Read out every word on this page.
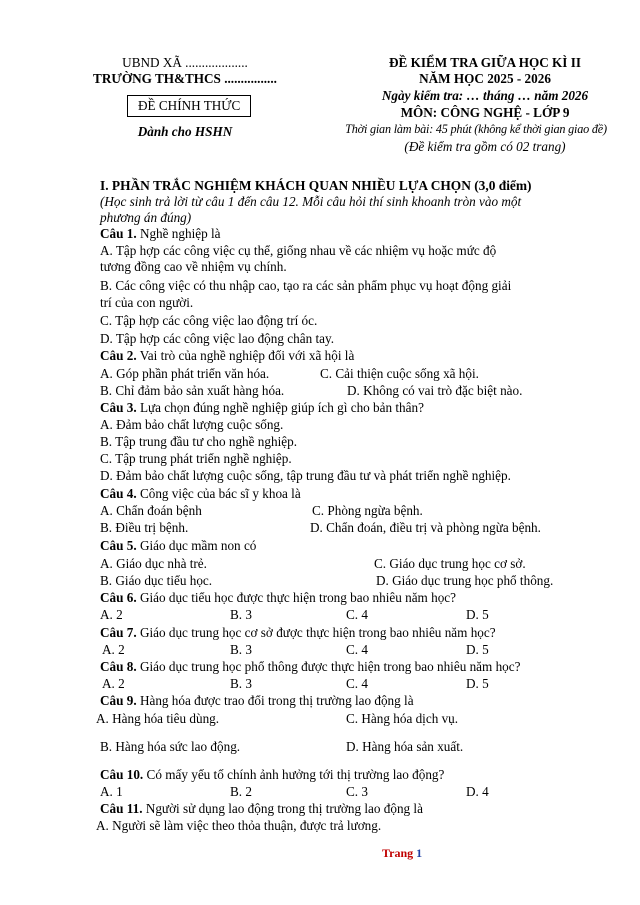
UBND XÃ ...................
TRƯỜNG TH&THCS ................
ĐỀ CHÍNH THỨC
Dành cho HSHN
ĐỀ KIỂM TRA GIỮA HỌC KÌ II
NĂM HỌC 2025 - 2026
Ngày kiểm tra: … tháng … năm 2026
MÔN: CÔNG NGHỆ - LỚP 9
Thời gian làm bài: 45 phút (không kể thời gian giao đề)
(Đề kiểm tra gồm có 02 trang)
I. PHẦN TRẮC NGHIỆM KHÁCH QUAN NHIỀU LỰA CHỌN (3,0 điểm)
(Học sinh trả lời từ câu 1 đến câu 12. Mỗi câu hỏi thí sinh khoanh tròn vào một
phương án đúng)
Câu 1. Nghề nghiệp là
A. Tập hợp các công việc cụ thể, giống nhau về các nhiệm vụ hoặc mức độ
tương đồng cao về nhiệm vụ chính.
B. Các công việc có thu nhập cao, tạo ra các sản phẩm phục vụ hoạt động giải
trí của con người.
C. Tập hợp các công việc lao động trí óc.
D. Tập hợp các công việc lao động chân tay.
Câu 2. Vai trò của nghề nghiệp đối với xã hội là
A. Góp phần phát triển văn hóa.	C. Cải thiện cuộc sống xã hội.
B. Chỉ đảm bảo sản xuất hàng hóa.	D. Không có vai trò đặc biệt nào.
Câu 3. Lựa chọn đúng nghề nghiệp giúp ích gì cho bản thân?
A. Đảm bảo chất lượng cuộc sống.
B. Tập trung đầu tư cho nghề nghiệp.
C. Tập trung phát triển nghề nghiệp.
D. Đảm bảo chất lượng cuộc sống, tập trung đầu tư và phát triển nghề nghiệp.
Câu 4. Công việc của bác sĩ y khoa là
A. Chẩn đoán bệnh	C. Phòng ngừa bệnh.
B. Điều trị bệnh.	D. Chẩn đoán, điều trị và phòng ngừa bệnh.
Câu 5. Giáo dục mầm non có
A. Giáo dục nhà trẻ.	C. Giáo dục trung học cơ sở.
B. Giáo dục tiểu học.	D. Giáo dục trung học phổ thông.
Câu 6. Giáo dục tiểu học được thực hiện trong bao nhiêu năm học?
A. 2	B. 3	C. 4	D. 5
Câu 7. Giáo dục trung học cơ sở được thực hiện trong bao nhiêu năm học?
A. 2	B. 3	C. 4	D. 5
Câu 8. Giáo dục trung học phổ thông được thực hiện trong bao nhiêu năm học?
A. 2	B. 3	C. 4	D. 5
Câu 9. Hàng hóa được trao đổi trong thị trường lao động là
A. Hàng hóa tiêu dùng.	C. Hàng hóa dịch vụ.
B. Hàng hóa sức lao động.	D. Hàng hóa sản xuất.
Câu 10. Có mấy yếu tố chính ảnh hưởng tới thị trường lao động?
A. 1	B. 2	C. 3	D. 4
Câu 11. Người sử dụng lao động trong thị trường lao động là
A. Người sẽ làm việc theo thỏa thuận, được trả lương.
Trang 1
